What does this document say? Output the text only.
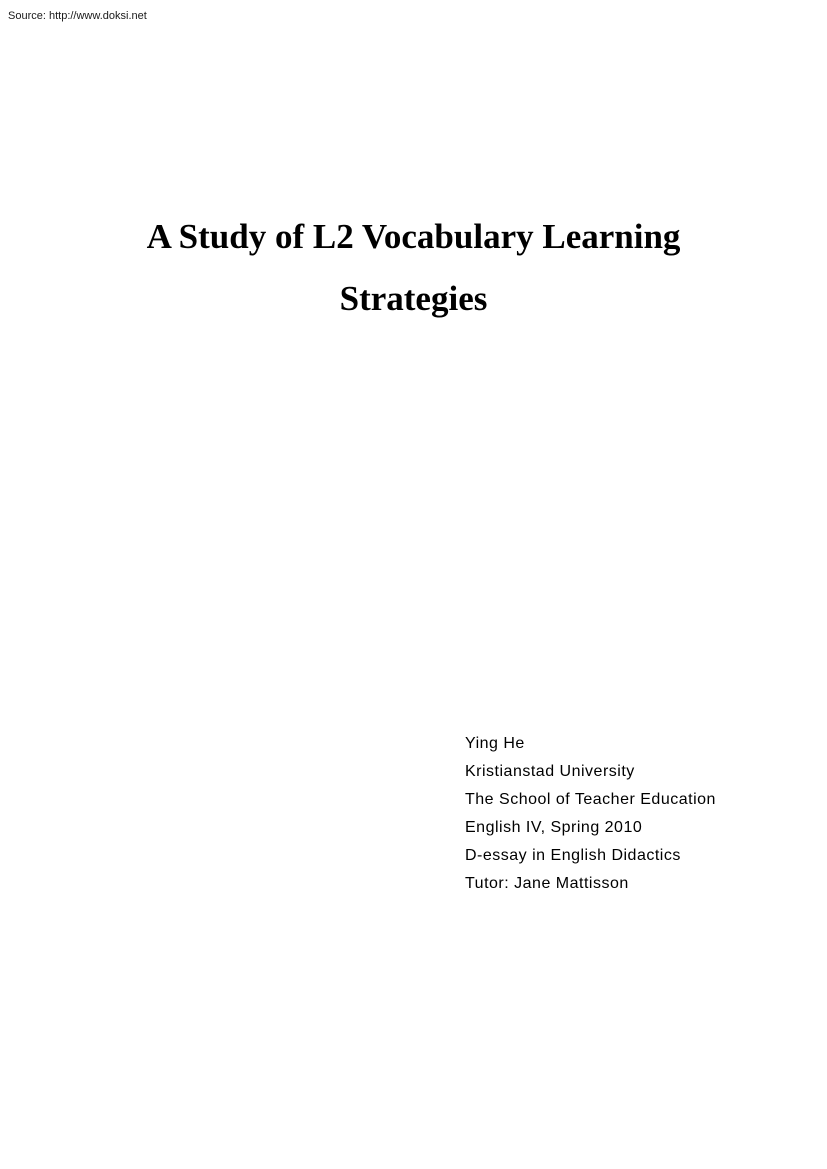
Source: http://www.doksi.net
A Study of L2 Vocabulary Learning
Strategies
Ying He
Kristianstad University
The School of Teacher Education
English IV, Spring 2010
D-essay in English Didactics
Tutor: Jane Mattisson
